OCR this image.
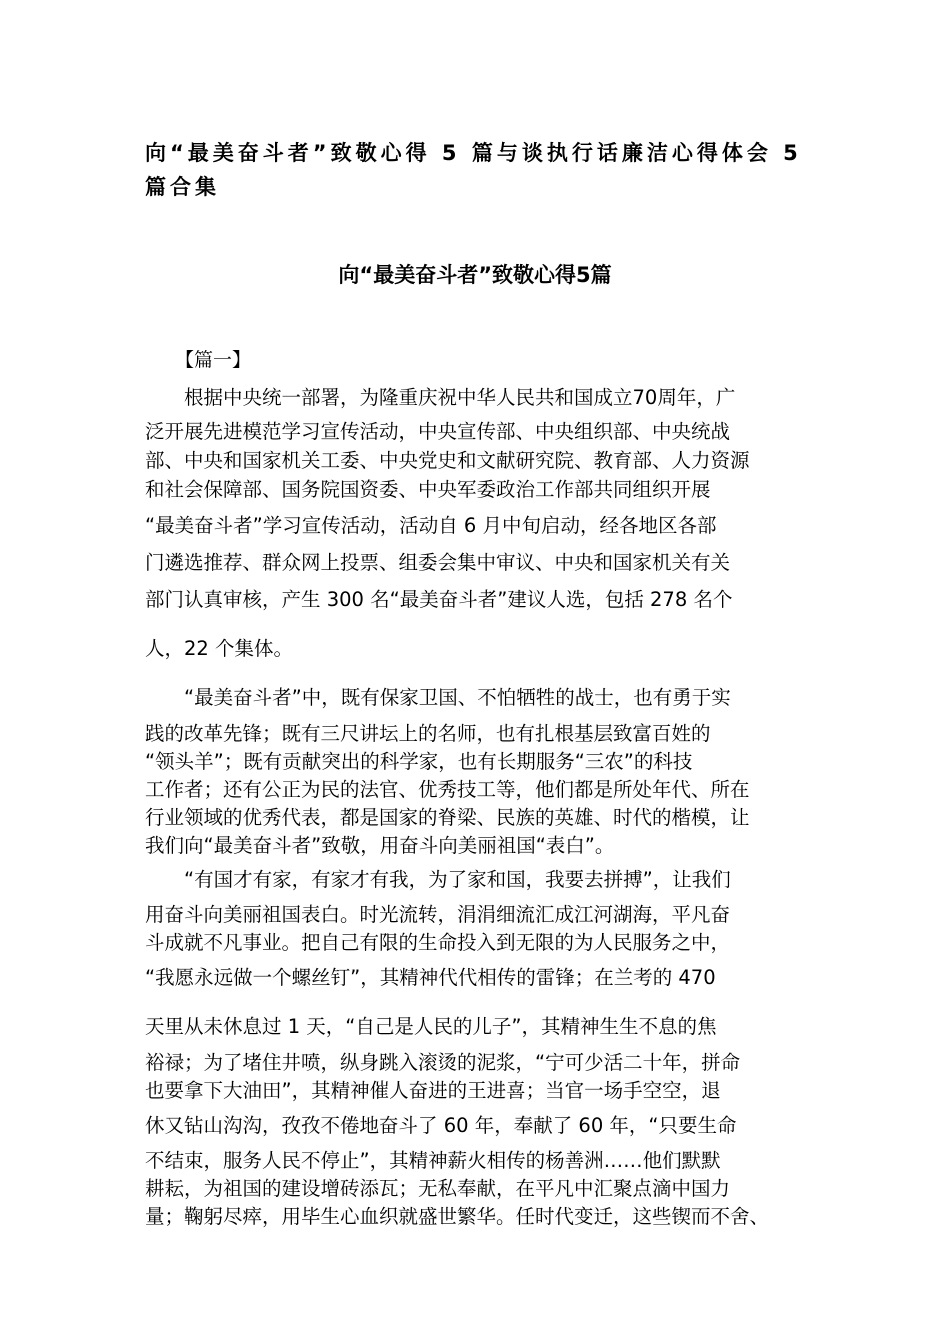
向“最美奋斗者”致敬心得 5 篇与谈执行话廉洁心得体会 5
篇合集
向“最美奋斗者”致敬心得5篇
【篇一】
根据中央统一部署，为隆重庆祝中华人民共和国成立70周年，广
泛开展先进模范学习宣传活动，中央宣传部、中央组织部、中央统战
部、中央和国家机关工委、中央党史和文献研究院、教育部、人力资源
和社会保障部、国务院国资委、中央军委政治工作部共同组织开展
“最美奋斗者”学习宣传活动，活动自 6 月中旬启动，经各地区各部
门遴选推荐、群众网上投票、组委会集中审议、中央和国家机关有关
部门认真审核，产生 300 名“最美奋斗者”建议人选，包括 278 名个
人，22 个集体。
“最美奋斗者”中，既有保家卫国、不怕牺牲的战士，也有勇于实
践的改革先锋；既有三尺讲坛上的名师，也有扎根基层致富百姓的
“领头羊”；既有贡献突出的科学家，也有长期服务“三农”的科技
工作者；还有公正为民的法官、优秀技工等，他们都是所处年代、所在
行业领域的优秀代表，都是国家的脊梁、民族的英雄、时代的楷模，让
我们向“最美奋斗者”致敬，用奋斗向美丽祖国“表白”。
“有国才有家，有家才有我，为了家和国，我要去拼搏”，让我们
用奋斗向美丽祖国表白。时光流转，涓涓细流汇成江河湖海，平凡奋
斗成就不凡事业。把自己有限的生命投入到无限的为人民服务之中，
“我愿永远做一个螺丝钉”，其精神代代相传的雷锋；在兰考的 470
天里从未休息过 1 天，“自己是人民的儿子”，其精神生生不息的焦
裕禄；为了堵住井喷，纵身跳入滚烫的泥浆，“宁可少活二十年，拼命
也要拿下大油田”，其精神催人奋进的王进喜；当官一场手空空，退
休又钻山沟沟，孜孜不倦地奋斗了 60 年，奉献了 60 年，“只要生命
不结束，服务人民不停止”，其精神薪火相传的杨善洲……他们默默
耕耘，为祖国的建设增砖添瓦；无私奉献，在平凡中汇聚点滴中国力
量；鞠躬尽瘁，用毕生心血织就盛世繁华。任时代变迁，这些锲而不舍、
